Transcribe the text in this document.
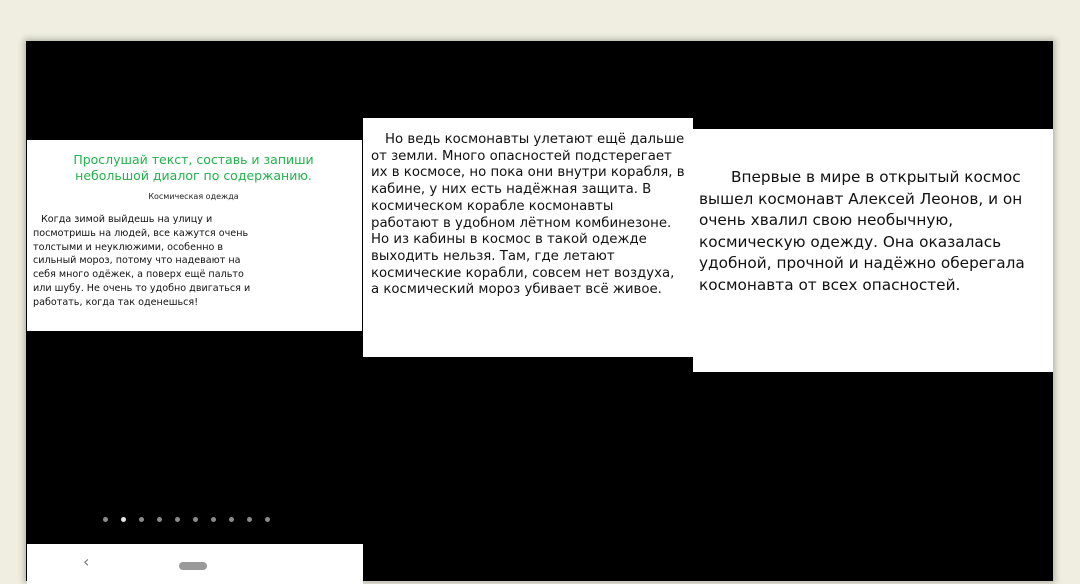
Прослушай текст, составь и запиши небольшой диалог по содержанию.

Космическая одежда

Когда зимой выйдешь на улицу и посмотришь на людей, все кажутся очень толстыми и неуклюжими, особенно в сильный мороз, потому что надевают на себя много одёжек, а поверх ещё пальто или шубу. Не очень то удобно двигаться и работать, когда так оденешься!

Но ведь космонавты улетают ещё дальше от земли. Много опасностей подстерегает их в космосе, но пока они внутри корабля, в кабине, у них есть надёжная защита. В космическом корабле космонавты работают в удобном лётном комбинезоне. Но из кабины в космос в такой одежде выходить нельзя. Там, где летают космические корабли, совсем нет воздуха, а космический мороз убивает всё живое.

Впервые в мире в открытый космос вышел космонавт Алексей Леонов, и он очень хвалил свою необычную, космическую одежду. Она оказалась удобной, прочной и надёжно оберегала космонавта от всех опасностей.

‹
